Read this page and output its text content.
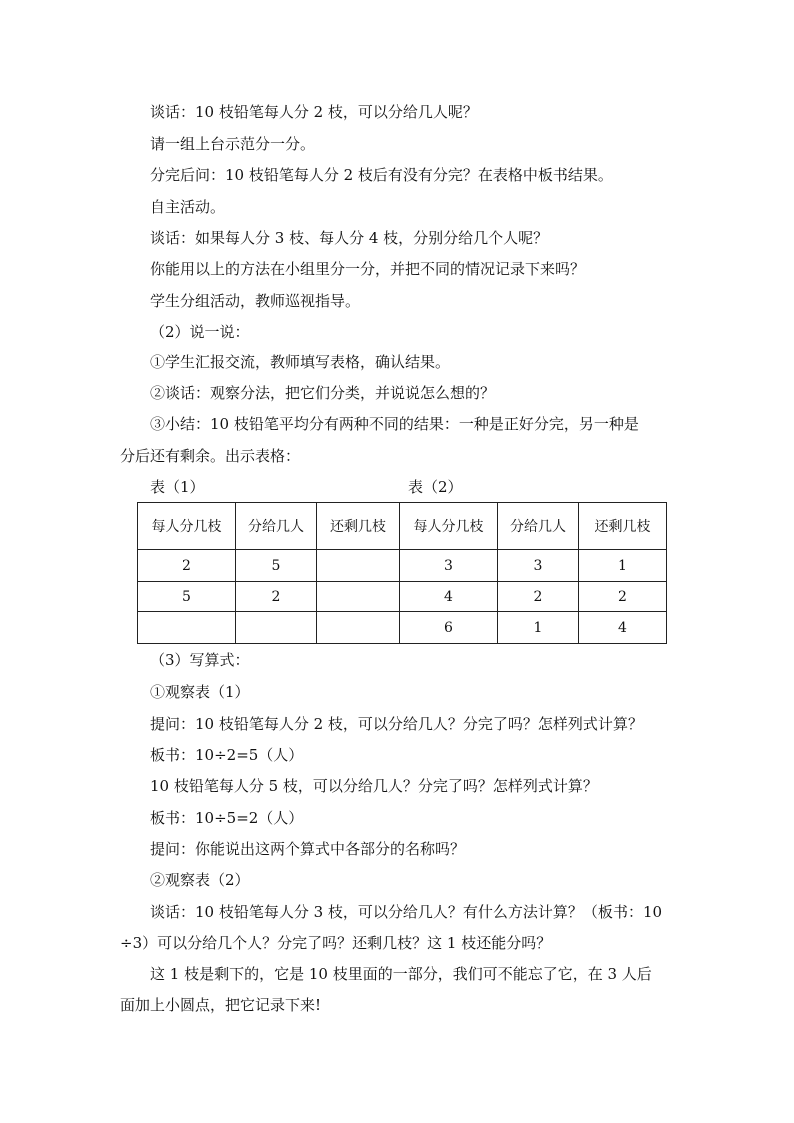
谈话：10 枝铅笔每人分 2 枝，可以分给几人呢？

请一组上台示范分一分。

分完后问：10 枝铅笔每人分 2 枝后有没有分完？在表格中板书结果。

自主活动。

谈话：如果每人分 3 枝、每人分 4 枝，分别分给几个人呢？

你能用以上的方法在小组里分一分，并把不同的情况记录下来吗？

学生分组活动，教师巡视指导。

（2）说一说：

①学生汇报交流，教师填写表格，确认结果。

②谈话：观察分法，把它们分类，并说说怎么想的？

③小结：10 枝铅笔平均分有两种不同的结果：一种是正好分完，另一种是

分后还有剩余。出示表格：

表（1）	表（2）
每人分几枝	分给几人	还剩几枝	每人分几枝	分给几人	还剩几枝
2	5		3	3	1
5	2		4	2	2
			6	1	4

（3）写算式：

①观察表（1）

提问：10 枝铅笔每人分 2 枝，可以分给几人？分完了吗？怎样列式计算？

板书：10÷2=5（人）

10 枝铅笔每人分 5 枝，可以分给几人？分完了吗？怎样列式计算？

板书：10÷5=2（人）

提问：你能说出这两个算式中各部分的名称吗？

②观察表（2）

谈话：10 枝铅笔每人分 3 枝，可以分给几人？有什么方法计算？（板书：10

÷3）可以分给几个人？分完了吗？还剩几枝？这 1 枝还能分吗？

这 1 枝是剩下的，它是 10 枝里面的一部分，我们可不能忘了它，在 3 人后

面加上小圆点，把它记录下来!
